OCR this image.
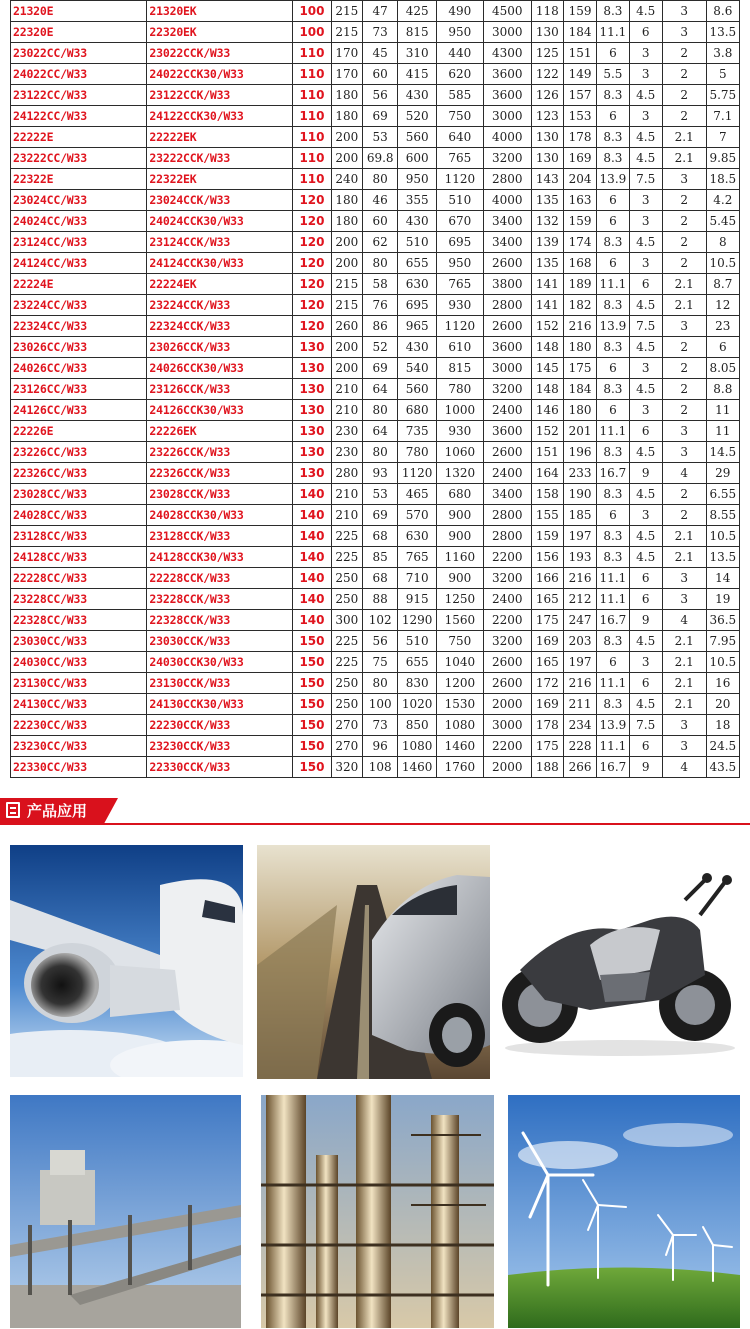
21320E	21320EK	100	215	47	425	490	4500	118	159	8.3	4.5	3	8.6
22320E	22320EK	100	215	73	815	950	3000	130	184	11.1	6	3	13.5
23022CC/W33	23022CCK/W33	110	170	45	310	440	4300	125	151	6	3	2	3.8
24022CC/W33	24022CCK30/W33	110	170	60	415	620	3600	122	149	5.5	3	2	5
23122CC/W33	23122CCK/W33	110	180	56	430	585	3600	126	157	8.3	4.5	2	5.75
24122CC/W33	24122CCK30/W33	110	180	69	520	750	3000	123	153	6	3	2	7.1
22222E	22222EK	110	200	53	560	640	4000	130	178	8.3	4.5	2.1	7
23222CC/W33	23222CCK/W33	110	200	69.8	600	765	3200	130	169	8.3	4.5	2.1	9.85
22322E	22322EK	110	240	80	950	1120	2800	143	204	13.9	7.5	3	18.5
23024CC/W33	23024CCK/W33	120	180	46	355	510	4000	135	163	6	3	2	4.2
24024CC/W33	24024CCK30/W33	120	180	60	430	670	3400	132	159	6	3	2	5.45
23124CC/W33	23124CCK/W33	120	200	62	510	695	3400	139	174	8.3	4.5	2	8
24124CC/W33	24124CCK30/W33	120	200	80	655	950	2600	135	168	6	3	2	10.5
22224E	22224EK	120	215	58	630	765	3800	141	189	11.1	6	2.1	8.7
23224CC/W33	23224CCK/W33	120	215	76	695	930	2800	141	182	8.3	4.5	2.1	12
22324CC/W33	22324CCK/W33	120	260	86	965	1120	2600	152	216	13.9	7.5	3	23
23026CC/W33	23026CCK/W33	130	200	52	430	610	3600	148	180	8.3	4.5	2	6
24026CC/W33	24026CCK30/W33	130	200	69	540	815	3000	145	175	6	3	2	8.05
23126CC/W33	23126CCK/W33	130	210	64	560	780	3200	148	184	8.3	4.5	2	8.8
24126CC/W33	24126CCK30/W33	130	210	80	680	1000	2400	146	180	6	3	2	11
22226E	22226EK	130	230	64	735	930	3600	152	201	11.1	6	3	11
23226CC/W33	23226CCK/W33	130	230	80	780	1060	2600	151	196	8.3	4.5	3	14.5
22326CC/W33	22326CCK/W33	130	280	93	1120	1320	2400	164	233	16.7	9	4	29
23028CC/W33	23028CCK/W33	140	210	53	465	680	3400	158	190	8.3	4.5	2	6.55
24028CC/W33	24028CCK30/W33	140	210	69	570	900	2800	155	185	6	3	2	8.55
23128CC/W33	23128CCK/W33	140	225	68	630	900	2800	159	197	8.3	4.5	2.1	10.5
24128CC/W33	24128CCK30/W33	140	225	85	765	1160	2200	156	193	8.3	4.5	2.1	13.5
22228CC/W33	22228CCK/W33	140	250	68	710	900	3200	166	216	11.1	6	3	14
23228CC/W33	23228CCK/W33	140	250	88	915	1250	2400	165	212	11.1	6	3	19
22328CC/W33	22328CCK/W33	140	300	102	1290	1560	2200	175	247	16.7	9	4	36.5
23030CC/W33	23030CCK/W33	150	225	56	510	750	3200	169	203	8.3	4.5	2.1	7.95
24030CC/W33	24030CCK30/W33	150	225	75	655	1040	2600	165	197	6	3	2.1	10.5
23130CC/W33	23130CCK/W33	150	250	80	830	1200	2600	172	216	11.1	6	2.1	16
24130CC/W33	24130CCK30/W33	150	250	100	1020	1530	2000	169	211	8.3	4.5	2.1	20
22230CC/W33	22230CCK/W33	150	270	73	850	1080	3000	178	234	13.9	7.5	3	18
23230CC/W33	23230CCK/W33	150	270	96	1080	1460	2200	175	228	11.1	6	3	24.5
22330CC/W33	22330CCK/W33	150	320	108	1460	1760	2000	188	266	16.7	9	4	43.5
产品应用
